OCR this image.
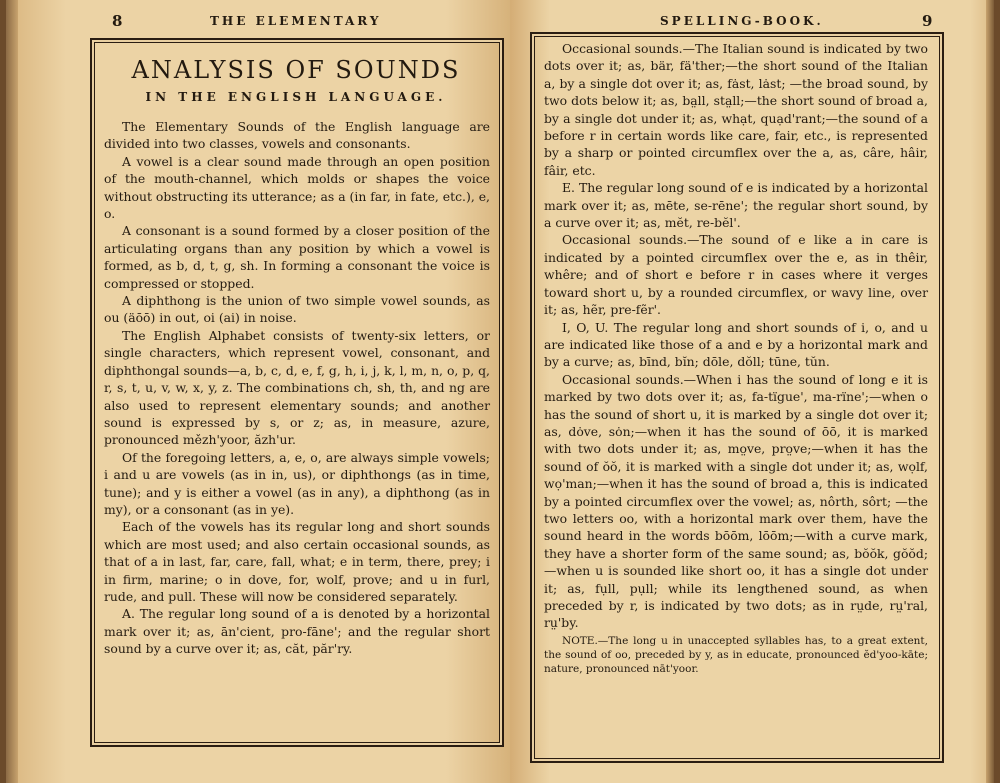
8	THE ELEMENTARY	SPELLING-BOOK.	9
ANALYSIS OF SOUNDS
IN THE ENGLISH LANGUAGE.

The Elementary Sounds of the English language are divided into two classes, vowels and consonants.

A vowel is a clear sound made through an open position of the mouth-channel, which molds or shapes the voice without obstructing its utterance; as a (in far, in fate, etc.), e, o.

A consonant is a sound formed by a closer position of the articulating organs than any position by which a vowel is formed, as b, d, t, g, sh. In forming a consonant the voice is compressed or stopped.

A diphthong is the union of two simple vowel sounds, as ou (äōō) in out, oi (ai) in noise.

The English Alphabet consists of twenty-six letters, or single characters, which represent vowel, consonant, and diphthongal sounds—a, b, c, d, e, f, g, h, i, j, k, l, m, n, o, p, q, r, s, t, u, v, w, x, y, z. The combinations ch, sh, th, and ng are also used to represent elementary sounds; and another sound is expressed by s, or z; as, in measure, azure, pronounced mězh'yoor, ăzh'ur.

Of the foregoing letters, a, e, o, are always simple vowels; i and u are vowels (as in in, us), or diphthongs (as in time, tune); and y is either a vowel (as in any), a diphthong (as in my), or a consonant (as in ye).

Each of the vowels has its regular long and short sounds which are most used; and also certain occasional sounds, as that of a in last, far, care, fall, what; e in term, there, prey; i in firm, marine; o in dove, for, wolf, prove; and u in furl, rude, and pull. These will now be considered separately.

A. The regular long sound of a is denoted by a horizontal mark over it; as, ān'cient, pro-fāne'; and the regular short sound by a curve over it; as, căt, păr'ry.

Occasional sounds.—The Italian sound is indicated by two dots over it; as, bär, fä'ther;—the short sound of the Italian a, by a single dot over it; as, fȧst, lȧst; —the broad sound, by two dots below it; as, ba̤ll, sta̤ll;—the short sound of broad a, by a single dot under it; as, whạt, quạd'rant;—the sound of a before r in certain words like care, fair, etc., is represented by a sharp or pointed circumflex over the a, as, câre, hâir, fâir, etc.

E. The regular long sound of e is indicated by a horizontal mark over it; as, mēte, se-rēne'; the regular short sound, by a curve over it; as, mĕt, re-bĕl'.

Occasional sounds.—The sound of e like a in care is indicated by a pointed circumflex over the e, as in thêir, whêre; and of short e before r in cases where it verges toward short u, by a rounded circumflex, or wavy line, over it; as, hẽr, pre-fẽr'.

I, O, U. The regular long and short sounds of i, o, and u are indicated like those of a and e by a horizontal mark and by a curve; as, bīnd, bĭn; dōle, dŏll; tūne, tŭn.

Occasional sounds.—When i has the sound of long e it is marked by two dots over it; as, fa-tïgue', ma-rïne';—when o has the sound of short u, it is marked by a single dot over it; as, dȯve, sȯn;—when it has the sound of ōō, it is marked with two dots under it; as, mo̤ve, pro̤ve;—when it has the sound of ŏŏ, it is marked with a single dot under it; as, wọlf, wọ'man;—when it has the sound of broad a, this is indicated by a pointed circumflex over the vowel; as, nôrth, sôrt; —the two letters oo, with a horizontal mark over them, have the sound heard in the words bōōm, lōōm;—with a curve mark, they have a shorter form of the same sound; as, bŏŏk, gŏŏd;—when u is sounded like short oo, it has a single dot under it; as, fụll, pụll; while its lengthened sound, as when preceded by r, is indicated by two dots; as in rṳde, rṳ'ral, rṳ'by.

NOTE.—The long u in unaccepted syllables has, to a great extent, the sound of oo, preceded by y, as in educate, pronounced ĕd'yoo-kāte; nature, pronounced nāt'yoor.
